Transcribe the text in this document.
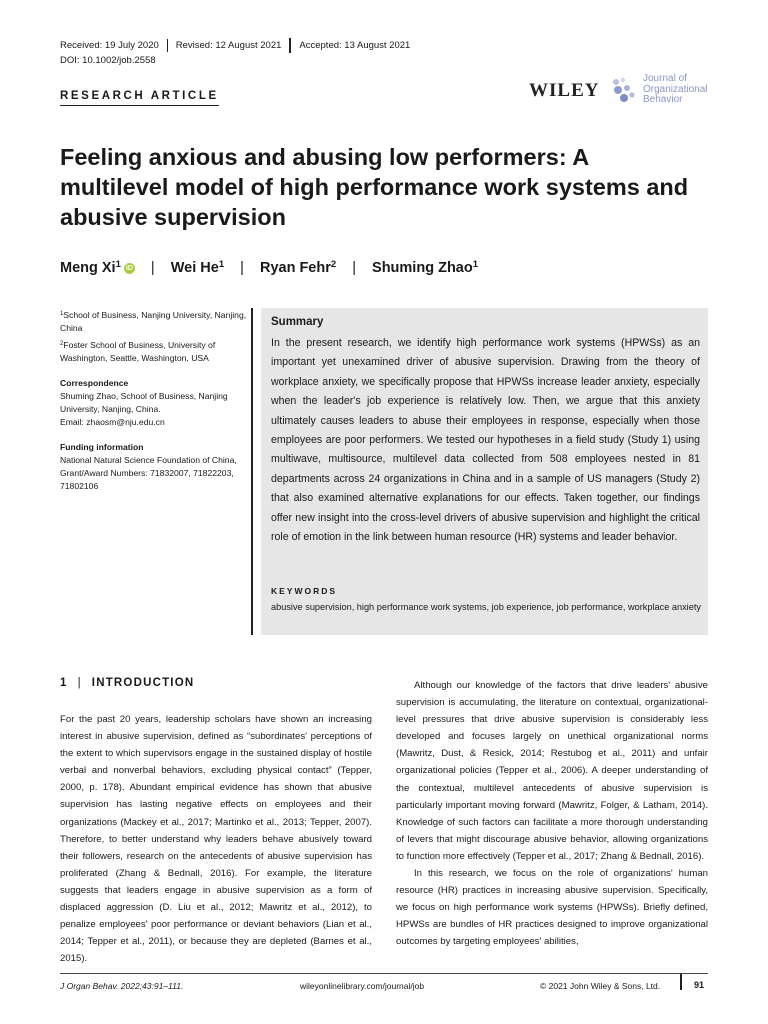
Received: 19 July 2020 Revised: 12 August 2021 Accepted: 13 August 2021
DOI: 10.1002/job.2558
RESEARCH ARTICLE	WILEY
Journal of
Organizational
Behavior
Feeling anxious and abusing low performers: A multilevel model of high performance work systems and abusive supervision
Meng Xi$^1$ iD | Wei He$^1$ | Ryan Fehr$^2$ | Shuming Zhao$^1$

$^1$School of Business, Nanjing University, Nanjing, China

$^2$Foster School of Business, University of Washington, Seattle, Washington, USA

Correspondence

Shuming Zhao, School of Business, Nanjing University, Nanjing, China.

Email: zhaosm@nju.edu.cn

Funding information

National Natural Science Foundation of China, Grant/Award Numbers: 71832007, 71822203, 71802106

Summary
In the present research, we identify high performance work systems (HPWSs) as an important yet unexamined driver of abusive supervision. Drawing from the theory of workplace anxiety, we specifically propose that HPWSs increase leader anxiety, especially when the leader's job experience is relatively low. Then, we argue that this anxiety ultimately causes leaders to abuse their employees in response, especially when those employees are poor performers. We tested our hypotheses in a field study (Study 1) using multiwave, multisource, multilevel data collected from 508 employees nested in 81 departments across 24 organizations in China and in a sample of US managers (Study 2) that also examined alternative explanations for our effects. Taken together, our findings offer new insight into the cross-level drivers of abusive supervision and highlight the critical role of emotion in the link between human resource (HR) systems and leader behavior.
KEYWORDS
abusive supervision, high performance work systems, job experience, job performance, workplace anxiety
1 | INTRODUCTION

For the past 20 years, leadership scholars have shown an increasing interest in abusive supervision, defined as “subordinates' perceptions of the extent to which supervisors engage in the sustained display of hostile verbal and nonverbal behaviors, excluding physical contact” (Tepper, 2000, p. 178). Abundant empirical evidence has shown that abusive supervision has lasting negative effects on employees and their organizations (Mackey et al., 2017; Martinko et al., 2013; Tepper, 2007). Therefore, to better understand why leaders behave abusively toward their followers, research on the antecedents of abusive supervision has proliferated (Zhang & Bednall, 2016). For example, the literature suggests that leaders engage in abusive supervision as a form of displaced aggression (D. Liu et al., 2012; Mawritz et al., 2012), to penalize employees' poor performance or deviant behaviors (Lian et al., 2014; Tepper et al., 2011), or because they are depleted (Barnes et al., 2015).

Although our knowledge of the factors that drive leaders' abusive supervision is accumulating, the literature on contextual, organizational-level pressures that drive abusive supervision is considerably less developed and focuses largely on unethical organizational norms (Mawritz, Dust, & Resick, 2014; Restubog et al., 2011) and unfair organizational policies (Tepper et al., 2006). A deeper understanding of the contextual, multilevel antecedents of abusive supervision is particularly important moving forward (Mawritz, Folger, & Latham, 2014). Knowledge of such factors can facilitate a more thorough understanding of levers that might discourage abusive behavior, allowing organizations to function more effectively (Tepper et al., 2017; Zhang & Bednall, 2016).

In this research, we focus on the role of organizations' human resource (HR) practices in increasing abusive supervision. Specifically, we focus on high performance work systems (HPWSs). Briefly defined, HPWSs are bundles of HR practices designed to improve organizational outcomes by targeting employees' abilities,

J Organ Behav. 2022;43:91–111.	wileyonlinelibrary.com/journal/job	© 2021 John Wiley & Sons, Ltd.	91
